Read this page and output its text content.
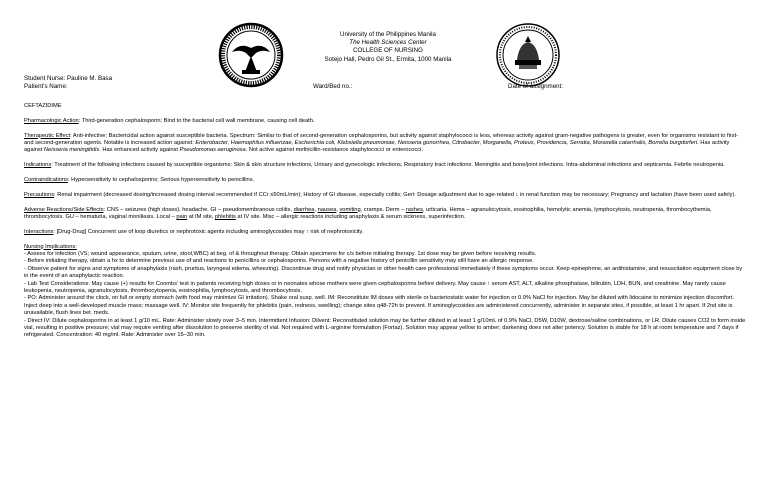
University of the Philippines Manila
The Health Sciences Center
COLLEGE OF NURSING
Sotejo Hall, Pedro Gil St., Ermita, 1000 Manila
Student Nurse: Pauline M. Basa
Patient's Name:	Ward/Bed no.:	Date of assignment:

CEFTAZIDIME

Pharmacologic Action: Third-generation cephalosporin; Bind to the bacterial cell wall membrane, causing cell death.

Therapeutic Effect: Anti-infective; Bactericidal action against susceptible bacteria. Spectrum: Similar to that of second-generation cephalosporins, but activity against staphylococci is less, whereas activity against gram-negative pathogens is greater, even for organisms resistant to first- and second-generation agents. Notable is increased action against: Enterobacter, Haemophilus influenzae, Escherichia coli, Klebsiella pneumoniae, Neisseria gonorrhea, Citrobacter, Morganella, Proteus, Providencia, Serratia, Moraxella catarrhalis, Borrelia burgdorferi. Has activity against Neisseria meningitidis. Has enhanced activity against Pseudomonas aeruginosa. Not active against methicillin-resistance staphylococci or enterococci.

Indications: Treatment of the following infections caused by susceptible organisms: Skin & skin structure infections, Urinary and gynecologic infections, Respiratory tract infections. Meningitis and bone/joint infections. Intra-abdominal infections and septicemia. Febrile neutropenia.

Contraindications: Hypersensitivity to cephalosporins; Serious hypersensitivity to penicillins.

Precautions: Renal impairment (decreased dosing/increased dosing interval recommended if CCr ≤50mL/min); History of GI disease, especially colitis; Geri: Dosage adjustment due to age-related ↓ in renal function may be necessary; Pregnancy and lactation (have been used safely).

Adverse Reactions/Side Effects: CNS – seizures (high doses), headache. GI – pseudomembranous colitis, diarrhea, nausea, vomiting, cramps. Derm – rashes, urticaria. Hema – agranulocytosis, eosinophilia, hemolytic anemia, lymphocytosis, neutropenia, thrombocythemia, thrombocytosis. GU – hematuria, vaginal moniliasis. Local – pain at IM site, phlebitis at IV site. Misc – allergic reactions including anaphylaxis & serum sickness, superinfection.

Interactions: [Drug-Drug] Concurrent use of loop diuretics or nephrotoxic agents including aminoglycosides may ↑ risk of nephrotoxicity.

Nursing Implications:

- Assess for infection (VS; wound appearance, sputum, urine, stool,WBC) at beg. of & throughout therapy. Obtain specimens for c/s before initiating therapy. 1st dose may be given before receiving results.

- Before initiating therapy, obtain a hx to determine previous use of and reactions to penicillins or cephalosporins. Persons with a negative history of penicillin sensitivity may still have an allergic response.

- Observe patient for signs and symptoms of anaphylaxis (rash, pruritus, laryngeal edema, wheezing). Discontinue drug and notify physician or other health care professional immediately if these symptoms occur. Keep epinephrine, an antihistamine, and resuscitation equipment close by in the event of an anaphylactic reaction.

- Lab Test Considerations: May cause (+) results for Coombs' test in patients receiving high doses or in neonates whose mothers were given cephalosporins before delivery. May cause ↑ serum AST, ALT, alkaline phosphatase, bilirubin, LDH, BUN, and creatinine. May rarely cause leukopenia, neutropenia, agranulocytosis, thrombocytopenia, eosinophilia, lymphocytosis, and thrombocytosis.

- PO: Administer around the clock, on full or empty stomach (with food may minimize GI irritation). Shake oral susp. well. IM: Reconstitute IM doses with sterile or bacteriostatic water for injection or 0.9% NaCl for injection. May be diluted with lidocaine to minimize injection discomfort. Inject deep into a well-developed muscle mass; massage well. IV: Monitor site frequently for phlebitis (pain, redness, swelling); change sites q48-72h to prevent. If aminoglycosides are administered concurrently, administer in separate sites, if possible, at least 1 hr apart. If 2nd site is unavailable, flush lines bet. meds.

- Direct IV: Dilute cephalosporins in at least 1 g/10 mL. Rate: Administer slowly over 3–5 min. Intermittent Infusion: Dilvent: Reconstituted solution may be further diluted in at least 1 g/10mL of 0.9% NaCl, D5W, D10W, dextrose/saline combinations, or LR. Dilute causes CO2 to form inside vial, resulting in positive pressure; vial may require venting after dissolution to preserve sterility of vial. Not required with L-arginine formulation (Fortaz). Solution may appear yellow to amber; darkening does not alter potency. Solution is stable for 18 h at room temperature and 7 days if refrigerated. Concentration: 40 mg/ml. Rate: Administer over 15–30 min.
